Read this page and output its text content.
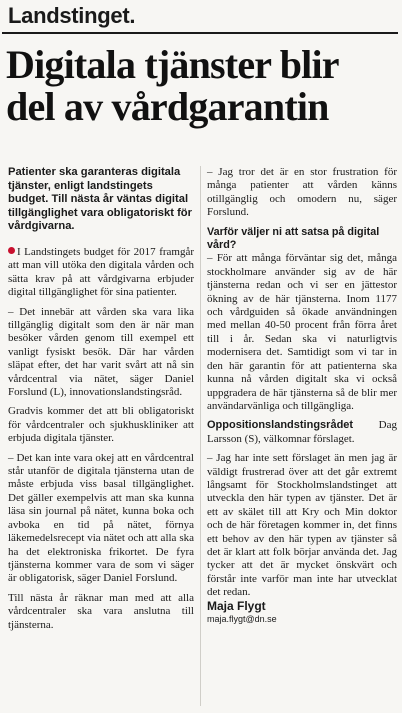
Landstinget.
Digitala tjänster blir
del av vårdgarantin

Patienter ska garanteras digitala tjänster, enligt landstingets budget. Till nästa år väntas digital tillgänglighet vara obligatoriskt för vårdgivarna.

I Landstingets budget för 2017 framgår att man vill utöka den digitala vården och sätta krav på att vårdgivarna erbjuder digital tillgänglighet för sina patienter.

– Det innebär att vården ska vara lika tillgänglig digitalt som den är när man besöker vården genom till exempel ett vanligt fysiskt besök. Där har vården släpat efter, det har varit svårt att nå sin vårdcentral via nätet, säger Daniel Forslund (L), innovationslandstingsråd.

Gradvis kommer det att bli obligatoriskt för vårdcentraler och sjukhuskliniker att erbjuda digitala tjänster.

– Det kan inte vara okej att en vårdcentral står utanför de digitala tjänsterna utan de måste erbjuda viss basal tillgänglighet. Det gäller exempelvis att man ska kunna läsa sin journal på nätet, kunna boka och avboka en tid på nätet, förnya läkemedelsrecept via nätet och att alla ska ha det elektroniska frikortet. De fyra tjänsterna kommer vara de som vi säger är obligatorisk, säger Daniel Forslund.

Till nästa år räknar man med att alla vårdcentraler ska vara anslutna till tjänsterna.

– Jag tror det är en stor frustration för många patienter att vården känns otillgänglig och omodern nu, säger Forslund.

Varför väljer ni att satsa på digital vård?

– För att många förväntar sig det, många stockholmare använder sig av de här tjänsterna redan och vi ser en jättestor ökning av de här tjänsterna. Inom 1177 och vårdguiden så ökade användningen med mellan 40-50 procent från förra året till i år. Sedan ska vi naturligtvis modernisera det. Samtidigt som vi tar in den här garantin för att patienterna ska kunna nå vården digitalt ska vi också uppgradera de här tjänsterna så de blir mer användarvänliga och tillgängliga.

Oppositionslandstingsrådet Dag Larsson (S), välkomnar förslaget.

– Jag har inte sett förslaget än men jag är väldigt frustrerad över att det går extremt långsamt för Stockholmslandstinget att utveckla den här typen av tjänster. Det är ett av skälet till att Kry och Min doktor och de här företagen kommer in, det finns ett behov av den här typen av tjänster så det är klart att folk börjar använda det. Jag tycker att det är mycket önskvärt och förstår inte varför man inte har utvecklat det redan.

Maja Flygt

maja.flygt@dn.se
